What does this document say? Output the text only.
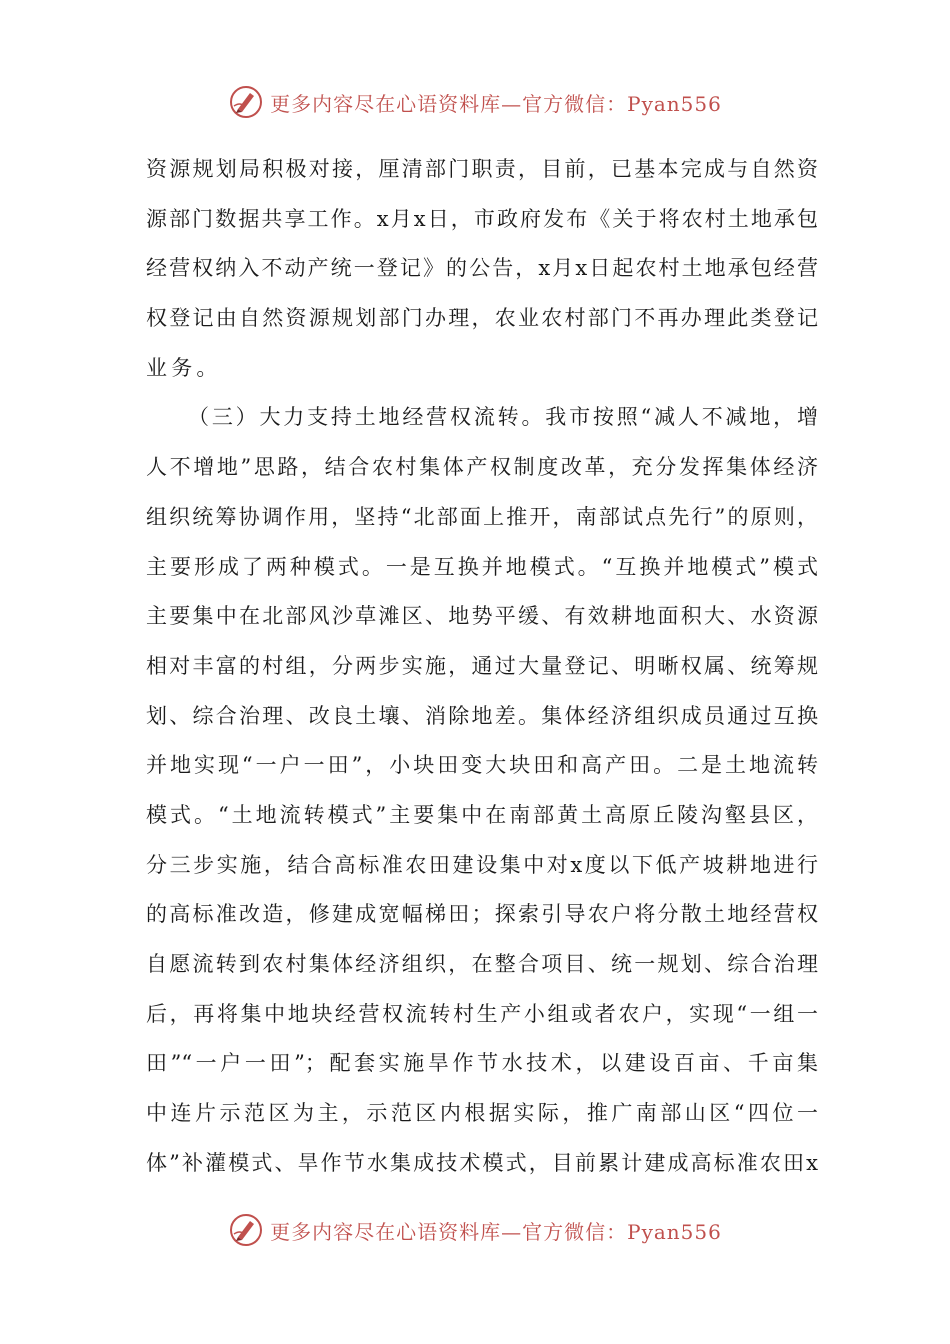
更多内容尽在心语资料库—官方微信：Pyan556
资源规划局积极对接，厘清部门职责，目前，已基本完成与自然资
源部门数据共享工作。x月x日，市政府发布《关于将农村土地承包
经营权纳入不动产统一登记》的公告，x月x日起农村土地承包经营
权登记由自然资源规划部门办理，农业农村部门不再办理此类登记
业务。
（三）大力支持土地经营权流转。我市按照“减人不减地，增
人不增地”思路，结合农村集体产权制度改革，充分发挥集体经济
组织统筹协调作用，坚持“北部面上推开，南部试点先行”的原则，
主要形成了两种模式。一是互换并地模式。“互换并地模式”模式
主要集中在北部风沙草滩区、地势平缓、有效耕地面积大、水资源
相对丰富的村组，分两步实施，通过大量登记、明晰权属、统筹规
划、综合治理、改良土壤、消除地差。集体经济组织成员通过互换
并地实现“一户一田”，小块田变大块田和高产田。二是土地流转
模式。“土地流转模式”主要集中在南部黄土高原丘陵沟壑县区，
分三步实施，结合高标准农田建设集中对x度以下低产坡耕地进行
的高标准改造，修建成宽幅梯田；探索引导农户将分散土地经营权
自愿流转到农村集体经济组织，在整合项目、统一规划、综合治理
后，再将集中地块经营权流转村生产小组或者农户，实现“一组一
田”“一户一田”；配套实施旱作节水技术，以建设百亩、千亩集
中连片示范区为主，示范区内根据实际，推广南部山区“四位一
体”补灌模式、旱作节水集成技术模式，目前累计建成高标准农田x
更多内容尽在心语资料库—官方微信：Pyan556
